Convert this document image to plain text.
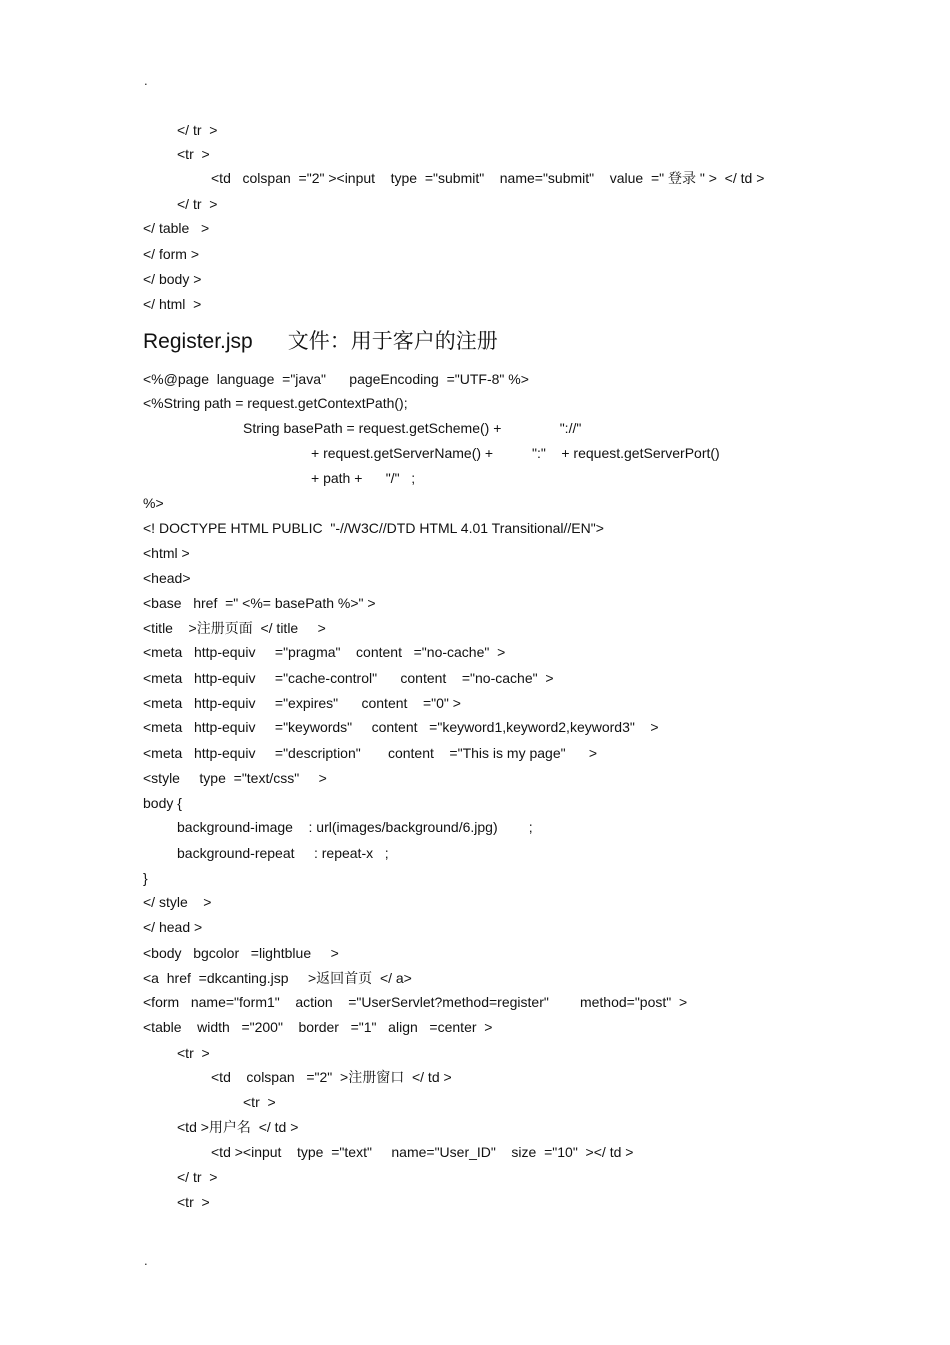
.
</ tr  >
<tr  >
<td   colspan  ="2" ><input    type  ="submit"    name="submit"    value  =" 登录 " >  </ td >
</ tr  >
</ table   >
</ form >
</ body >
</ html  >
Register.jsp      文件：用于客户的注册
<%@page  language  ="java"      pageEncoding  ="UTF-8" %>
<%String path = request.getContextPath();
String basePath = request.getScheme() +               "://"
+ request.getServerName() +          ":"    + request.getServerPort()
+ path +      "/"   ;
%>
<! DOCTYPE HTML PUBLIC  "-//W3C//DTD HTML 4.01 Transitional//EN">
<html >
<head>
<base   href  =" <%= basePath %>" >
<title    >注册页面  </ title     >
<meta   http-equiv     ="pragma"    content   ="no-cache"  >
<meta   http-equiv     ="cache-control"      content    ="no-cache"  >
<meta   http-equiv     ="expires"      content    ="0" >
<meta   http-equiv     ="keywords"     content   ="keyword1,keyword2,keyword3"    >
<meta   http-equiv     ="description"       content    ="This is my page"      >
<style     type  ="text/css"     >
body {
background-image    : url(images/background/6.jpg)        ;
background-repeat     : repeat-x   ;
}
</ style    >
</ head >
<body   bgcolor   =lightblue     >
<a  href  =dkcanting.jsp     >返回首页  </ a>
<form   name="form1"    action    ="UserServlet?method=register"        method="post"  >
<table    width   ="200"    border   ="1"   align   =center  >
<tr  >
<td    colspan   ="2"  >注册窗口  </ td >
<tr  >
<td >用户名  </ td >
<td ><input    type  ="text"     name="User_ID"    size  ="10"  ></ td >
</ tr  >
<tr  >
.
